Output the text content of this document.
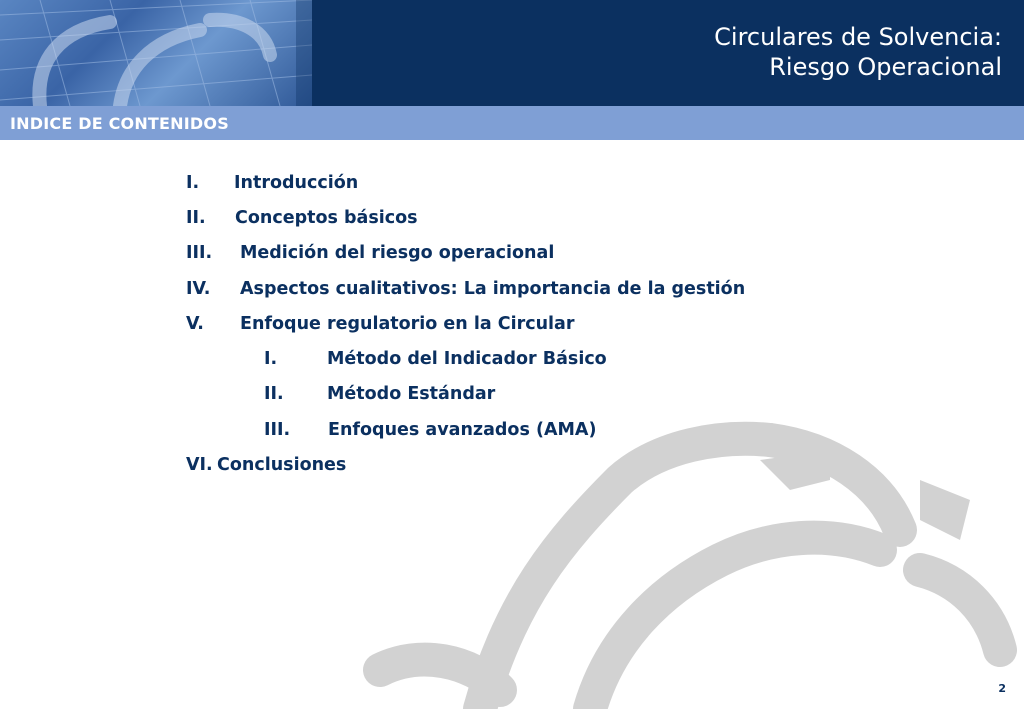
Circulares de Solvencia:
Riesgo Operacional
INDICE DE CONTENIDOS
I. Introducción
II. Conceptos básicos
III. Medición del riesgo operacional
IV. Aspectos cualitativos: La importancia de la gestión
V. Enfoque regulatorio en la Circular
I.	Método del Indicador Básico
II. Método Estándar
III. Enfoques avanzados (AMA)
VI. Conclusiones
2
